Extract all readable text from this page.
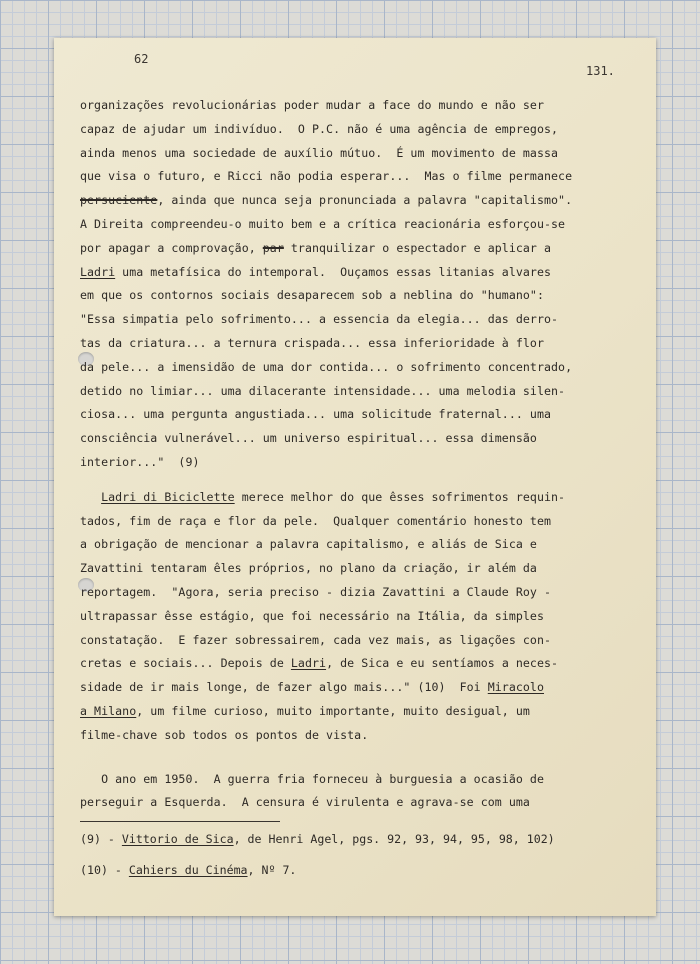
62
131.
organizações revolucionárias poder mudar a face do mundo e não ser
capaz de ajudar um indivíduo.  O P.C. não é uma agência de empregos,
ainda menos uma sociedade de auxílio mútuo.  É um movimento de massa
que visa o futuro, e Ricci não podia esperar...  Mas o filme permanece
persuciente, ainda que nunca seja pronunciada a palavra "capitalismo".
A Direita compreendeu-o muito bem e a crítica reacionária esforçou-se
por apagar a comprovação, par tranquilizar o espectador e aplicar a
Ladri uma metafísica do intemporal.  Ouçamos essas litanias alvares
em que os contornos sociais desaparecem sob a neblina do "humano":
"Essa simpatia pelo sofrimento... a essencia da elegia... das derro-
tas da criatura... a ternura crispada... essa inferioridade à flor
da pele... a imensidão de uma dor contida... o sofrimento concentrado,
detido no limiar... uma dilacerante intensidade... uma melodia silen-
ciosa... uma pergunta angustiada... uma solicitude fraternal... uma
consciência vulnerável... um universo espiritual... essa dimensão
interior..."  (9)
Ladri di Biciclette merece melhor do que êsses sofrimentos requin-
tados, fim de raça e flor da pele.  Qualquer comentário honesto tem
a obrigação de mencionar a palavra capitalismo, e aliás de Sica e
Zavattini tentaram êles próprios, no plano da criação, ir além da
reportagem.  "Agora, seria preciso - dizia Zavattini a Claude Roy -
ultrapassar êsse estágio, que foi necessário na Itália, da simples
constatação.  E fazer sobressairem, cada vez mais, as ligações con-
cretas e sociais... Depois de Ladri, de Sica e eu sentíamos a neces-
sidade de ir mais longe, de fazer algo mais..." (10)  Foi Miracolo
a Milano, um filme curioso, muito importante, muito desigual, um
filme-chave sob todos os pontos de vista.
O ano em 1950.  A guerra fria forneceu à burguesia a ocasião de
perseguir a Esquerda.  A censura é virulenta e agrava-se com uma
(9) - Vittorio de Sica, de Henri Agel, pgs. 92, 93, 94, 95, 98, 102)
(10) - Cahiers du Cinéma, Nº 7.
